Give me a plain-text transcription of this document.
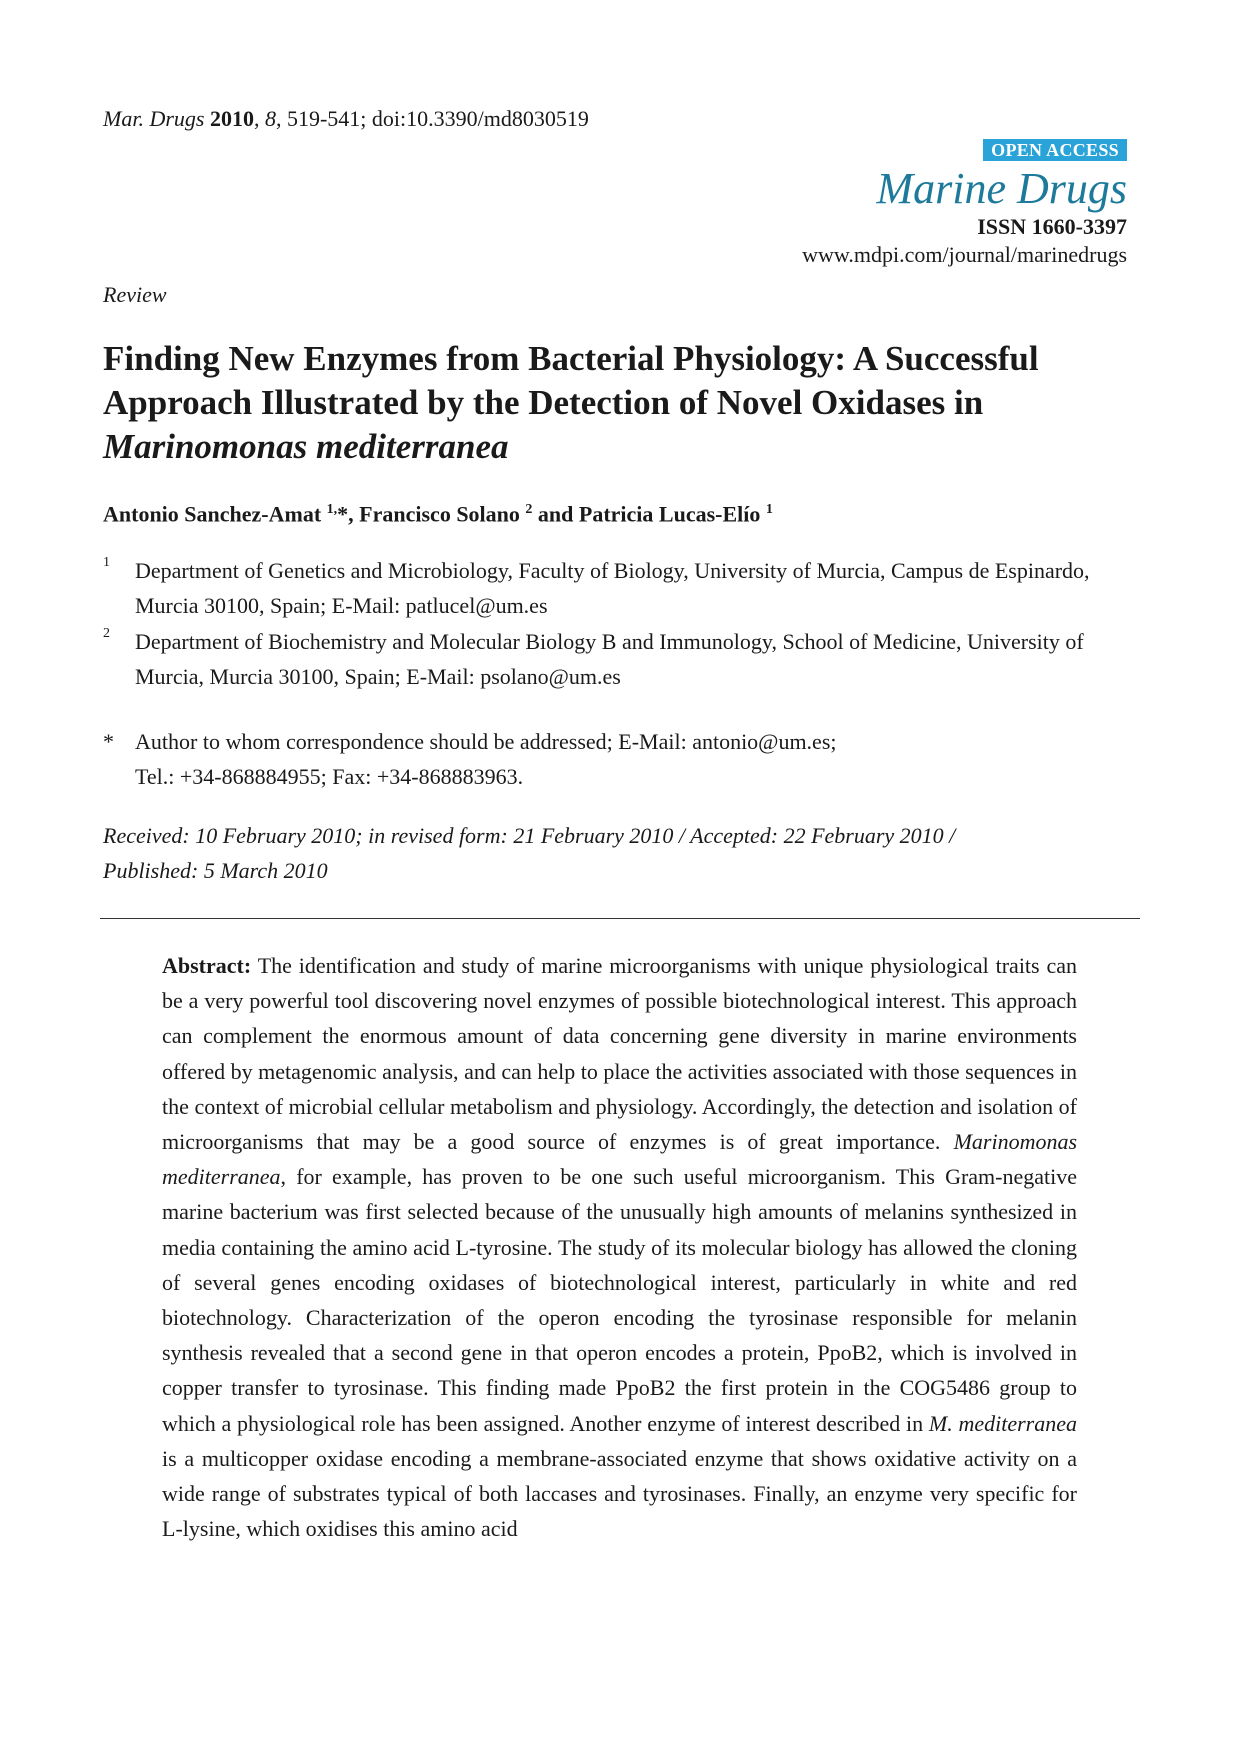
Mar. Drugs 2010, 8, 519-541; doi:10.3390/md8030519
OPEN ACCESS
Marine Drugs
ISSN 1660-3397
www.mdpi.com/journal/marinedrugs
Review
Finding New Enzymes from Bacterial Physiology: A Successful
Approach Illustrated by the Detection of Novel Oxidases in
Marinomonas mediterranea
Antonio Sanchez-Amat $^{1,}$*, Francisco Solano $^2$ and Patricia Lucas-Elío $^1$
1 Department of Genetics and Microbiology, Faculty of Biology, University of Murcia, Campus de Espinardo, Murcia 30100, Spain; E-Mail: patlucel@um.es
2 Department of Biochemistry and Molecular Biology B and Immunology, School of Medicine, University of Murcia, Murcia 30100, Spain; E-Mail: psolano@um.es
* Author to whom correspondence should be addressed; E-Mail: antonio@um.es;
Tel.: +34-868884955; Fax: +34-868883963.
Received: 10 February 2010; in revised form: 21 February 2010 / Accepted: 22 February 2010 /
Published: 5 March 2010

Abstract: The identification and study of marine microorganisms with unique physiological traits can be a very powerful tool discovering novel enzymes of possible biotechnological interest. This approach can complement the enormous amount of data concerning gene diversity in marine environments offered by metagenomic analysis, and can help to place the activities associated with those sequences in the context of microbial cellular metabolism and physiology. Accordingly, the detection and isolation of microorganisms that may be a good source of enzymes is of great importance. Marinomonas mediterranea, for example, has proven to be one such useful microorganism. This Gram-negative marine bacterium was first selected because of the unusually high amounts of melanins synthesized in media containing the amino acid L-tyrosine. The study of its molecular biology has allowed the cloning of several genes encoding oxidases of biotechnological interest, particularly in white and red biotechnology. Characterization of the operon encoding the tyrosinase responsible for melanin synthesis revealed that a second gene in that operon encodes a protein, PpoB2, which is involved in copper transfer to tyrosinase. This finding made PpoB2 the first protein in the COG5486 group to which a physiological role has been assigned. Another enzyme of interest described in M. mediterranea is a multicopper oxidase encoding a membrane-associated enzyme that shows oxidative activity on a wide range of substrates typical of both laccases and tyrosinases. Finally, an enzyme very specific for L-lysine, which oxidises this amino acid
